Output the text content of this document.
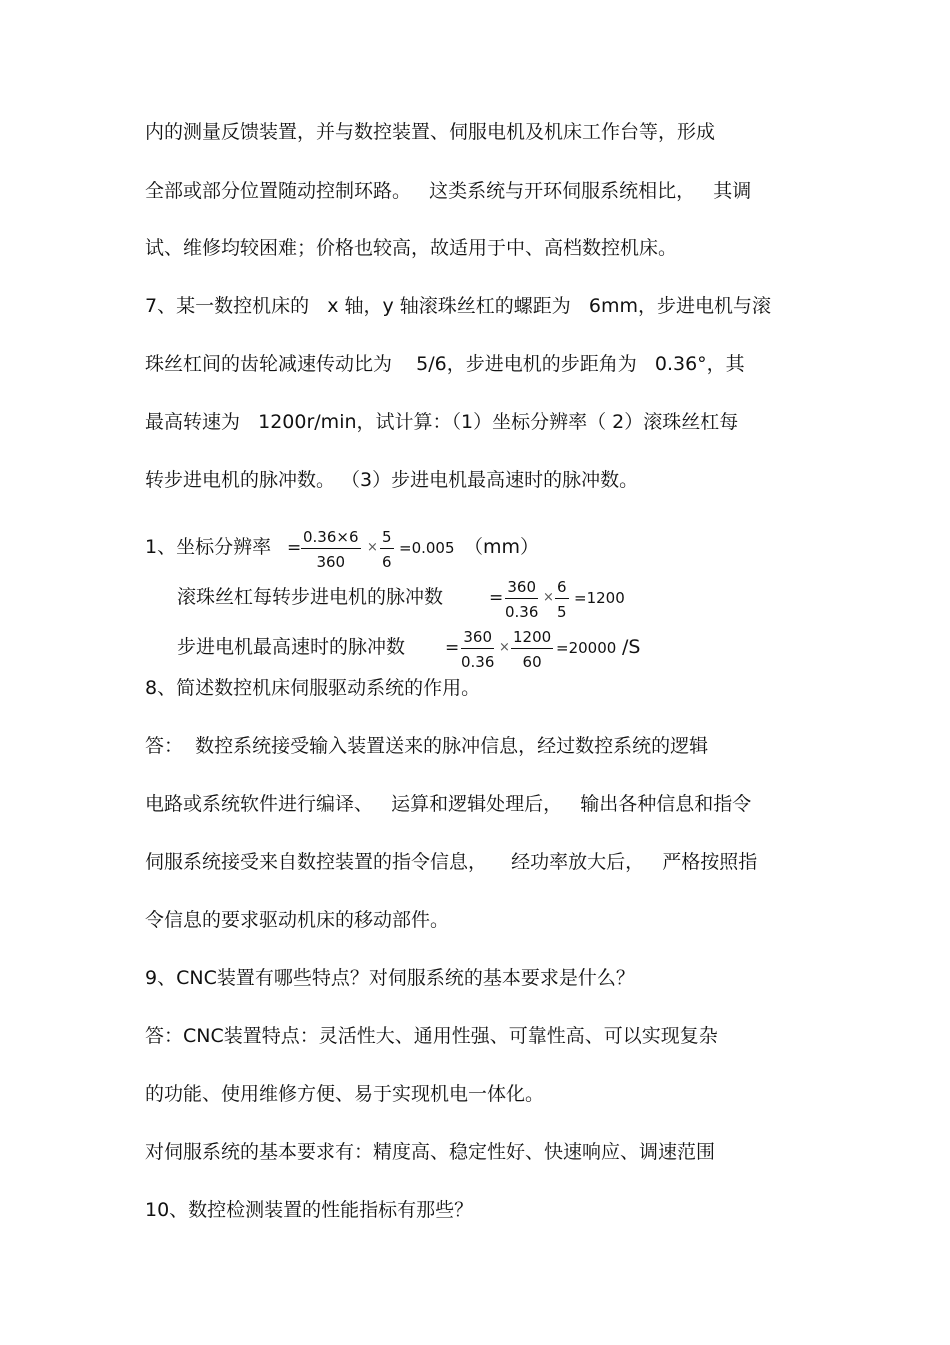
内的测量反馈装置，并与数控装置、伺服电机及机床工作台等，形成

全部或部分位置随动控制环路。   这类系统与开环伺服系统相比，   其调

试、维修均较困难；价格也较高，故适用于中、高档数控机床。

7、某一数控机床的   x 轴，y 轴滚珠丝杠的螺距为   6mm，步进电机与滚

珠丝杠间的齿轮减速传动比为    5/6，步进电机的步距角为   0.36°，其

最高转速为   1200r/min，试计算：（1）坐标分辨率（ 2）滚珠丝杠每

转步进电机的脉冲数。 （3）步进电机最高速时的脉冲数。

1、坐标分辨率 = $\frac{0.36\times 6}{360} \times \frac{5}{6} =0.005$ （mm）
滚珠丝杠每转步进电机的脉冲数	= $\frac{360}{0.36} \times \frac{6}{5} =1200$
步进电机最高速时的脉冲数 = $\frac{360}{0.36} \times \frac{1200}{60} =20000$ /S

8、简述数控机床伺服驱动系统的作用。

答：  数控系统接受输入装置送来的脉冲信息，经过数控系统的逻辑

电路或系统软件进行编译、   运算和逻辑处理后，   输出各种信息和指令

伺服系统接受来自数控装置的指令信息，    经功率放大后，   严格按照指

令信息的要求驱动机床的移动部件。

9、CNC装置有哪些特点？对伺服系统的基本要求是什么？

答：CNC装置特点：灵活性大、通用性强、可靠性高、可以实现复杂

的功能、使用维修方便、易于实现机电一体化。

对伺服系统的基本要求有：精度高、稳定性好、快速响应、调速范围

10、数控检测装置的性能指标有那些？
